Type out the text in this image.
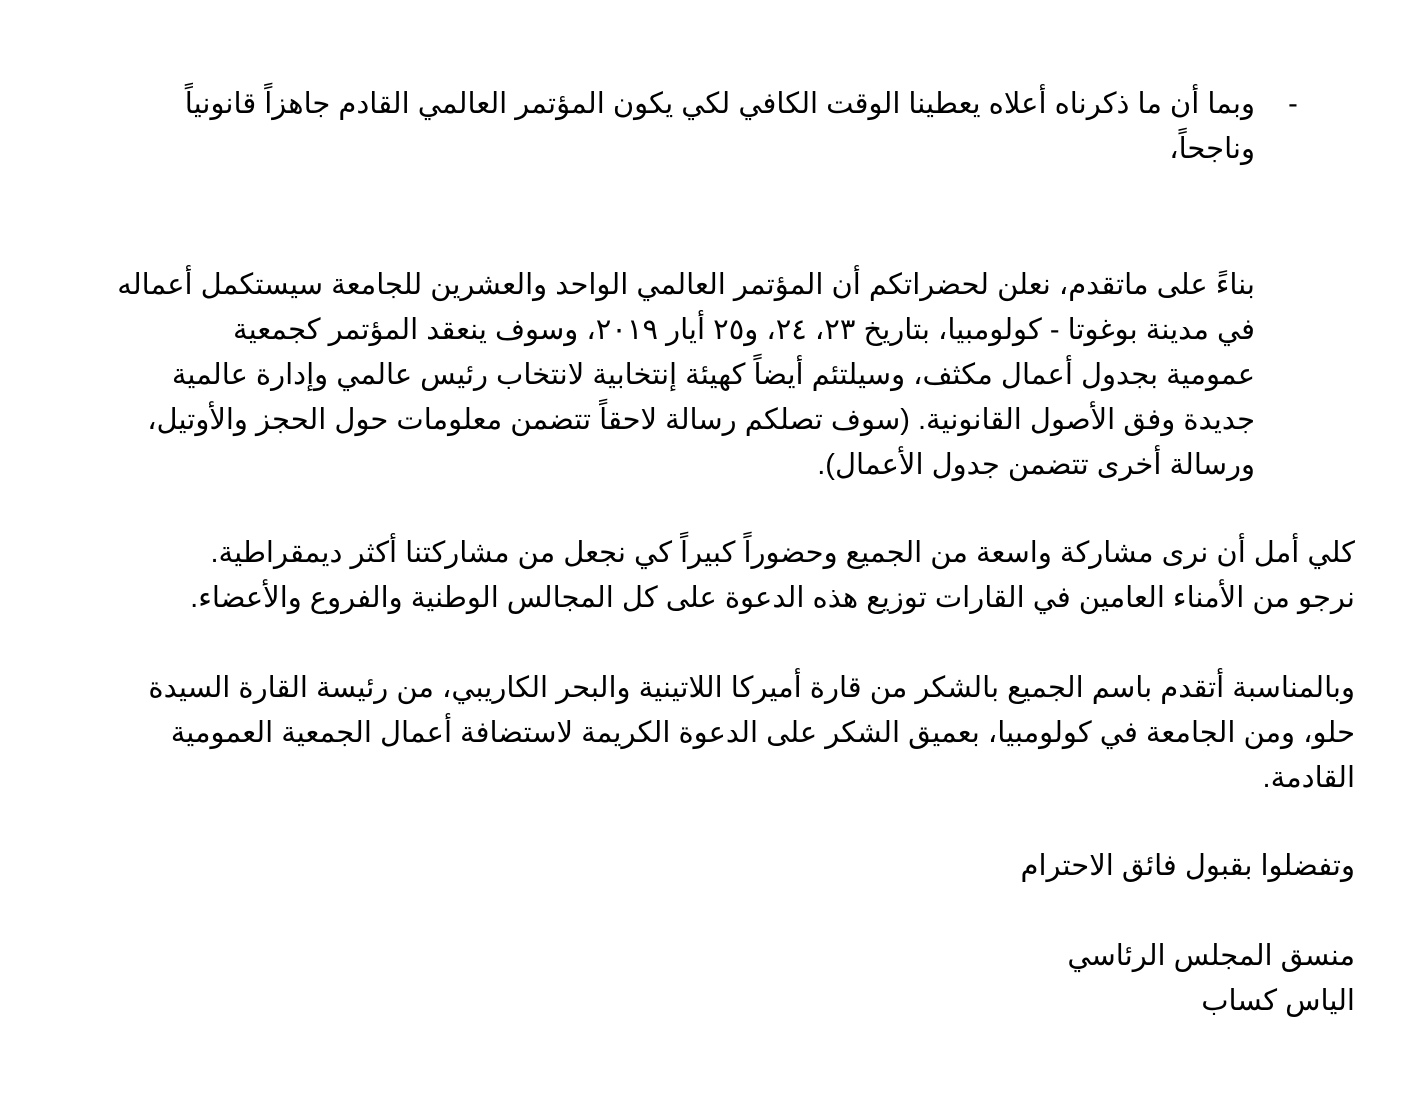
-
وبما أن ما ذكرناه أعلاه يعطينا الوقت الكافي لكي يكون المؤتمر العالمي القادم جاهزاً قانونياً
وناجحاً،
بناءً على ماتقدم، نعلن لحضراتكم أن المؤتمر العالمي الواحد والعشرين للجامعة سيستكمل أعماله
في مدينة بوغوتا - كولومبيا، بتاريخ ٢٣، ٢٤، و٢٥ أيار ٢٠١٩، وسوف ينعقد المؤتمر كجمعية
عمومية بجدول أعمال مكثف، وسيلتئم أيضاً كهيئة إنتخابية لانتخاب رئيس عالمي وإدارة عالمية
جديدة وفق الأصول القانونية. (سوف تصلكم رسالة لاحقاً تتضمن معلومات حول الحجز والأوتيل،
ورسالة أخرى تتضمن جدول الأعمال).
كلي أمل أن نرى مشاركة واسعة من الجميع وحضوراً كبيراً كي نجعل من مشاركتنا أكثر ديمقراطية.
نرجو من الأمناء العامين في القارات توزيع هذه الدعوة على كل المجالس الوطنية والفروع والأعضاء.
وبالمناسبة أتقدم باسم الجميع بالشكر من قارة أميركا اللاتينية والبحر الكاريبي، من رئيسة القارة السيدة
حلو، ومن الجامعة في كولومبيا، بعميق الشكر على الدعوة الكريمة لاستضافة أعمال الجمعية العمومية
القادمة.
وتفضلوا بقبول فائق الاحترام
منسق المجلس الرئاسي
الياس كساب
